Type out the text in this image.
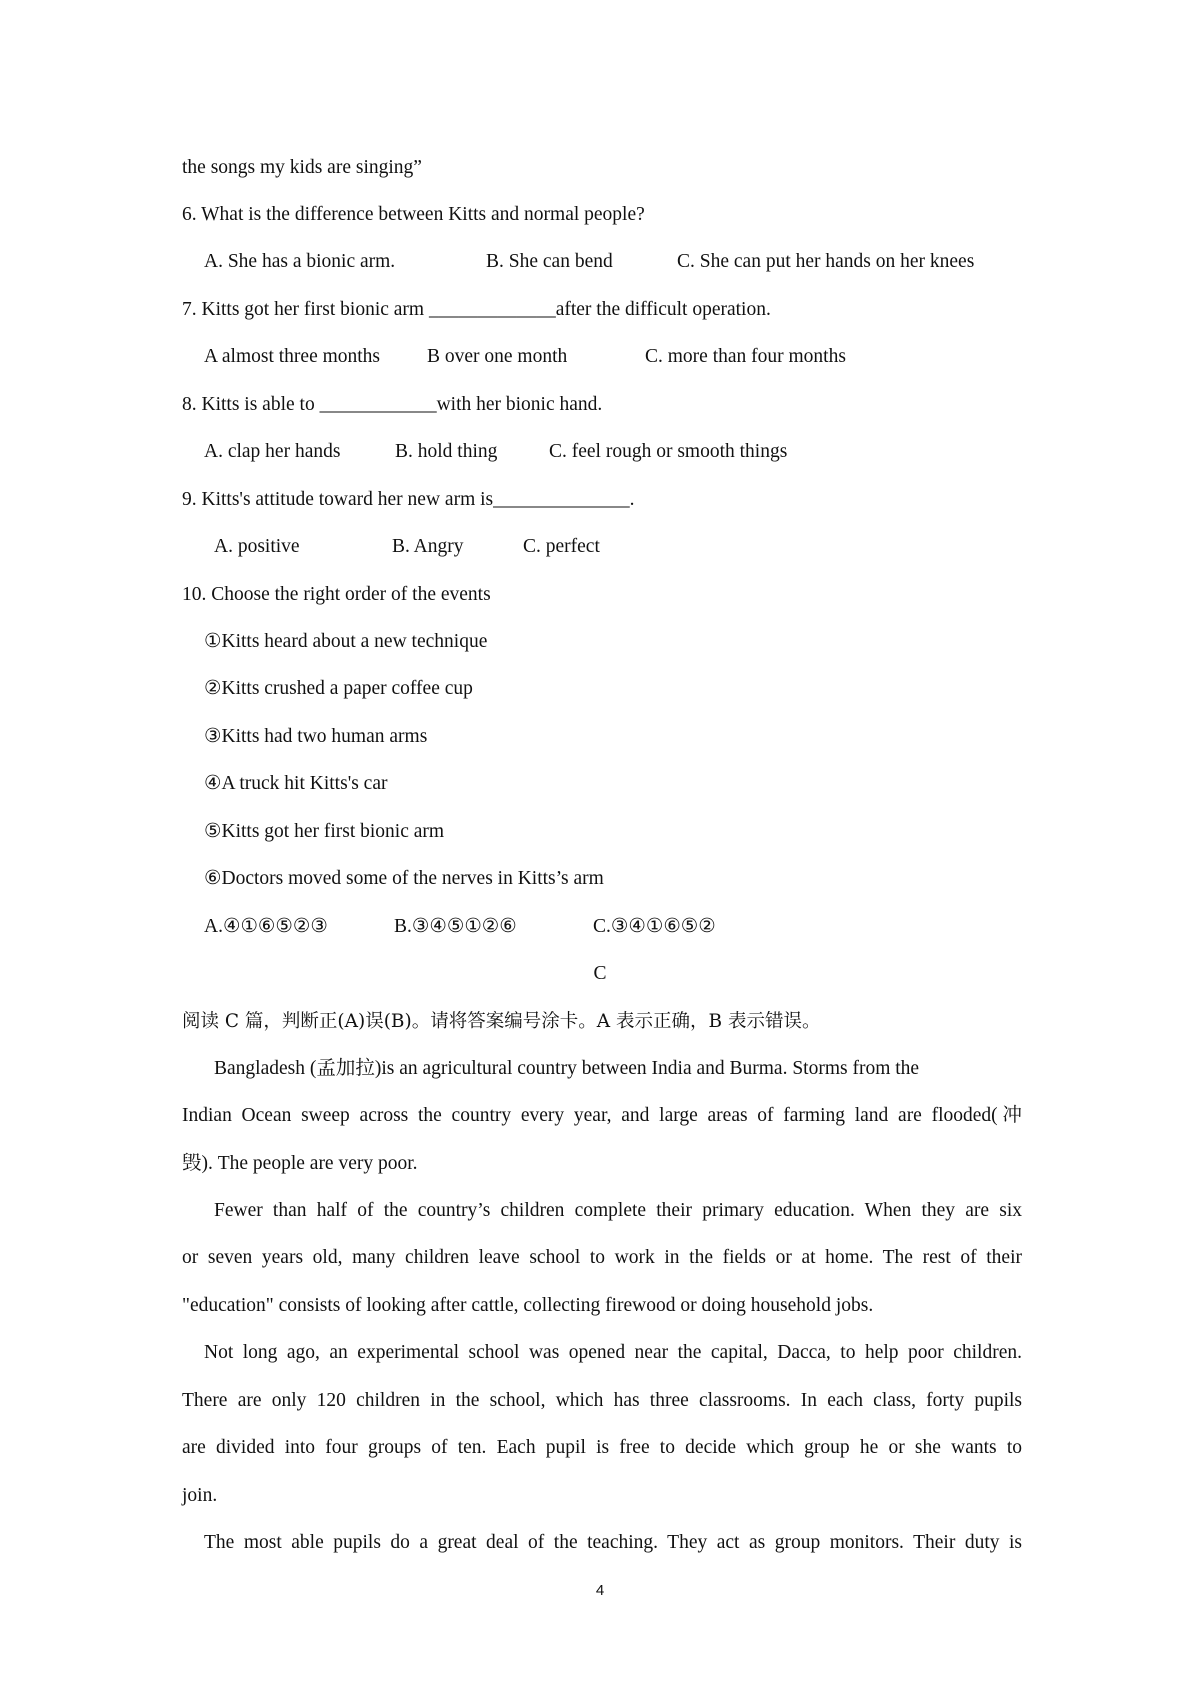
the songs my kids are singing”
6. What is the difference between Kitts and normal people?
A. She has a bionic arm.	B. She can bend	C. She can put her hands on her knees
7. Kitts got her first bionic arm _____________after the difficult operation.
A almost three months B over one month	C. more than four months
8. Kitts is able to ____________with her bionic hand.
A. clap her hands	B. hold thing	C. feel rough or smooth things
9. Kitts's attitude toward her new arm is______________.
A. positive	B. Angry	C. perfect
10. Choose the right order of the events
①Kitts heard about a new technique
②Kitts crushed a paper coffee cup
③Kitts had two human arms
④A truck hit Kitts's car
⑤Kitts got her first bionic arm
⑥Doctors moved some of the nerves in Kitts’s arm
A.④①⑥⑤②③	B.③④⑤①②⑥	C.③④①⑥⑤②
C
阅读 C 篇，判断正(A)误(B)。请将答案编号涂卡。A 表示正确，B 表示错误。
Bangladesh (孟加拉)is an agricultural country between India and Burma. Storms from the
Indian Ocean sweep across the country every year, and large areas of farming land are flooded(冲
毁). The people are very poor.
Fewer than half of the country’s children complete their primary education. When they are six
or seven years old, many children leave school to work in the fields or at home. The rest of their
"education" consists of looking after cattle, collecting firewood or doing household jobs.
Not long ago, an experimental school was opened near the capital, Dacca, to help poor children.
There are only 120 children in the school, which has three classrooms. In each class, forty pupils
are divided into four groups of ten. Each pupil is free to decide which group he or she wants to
join.
The most able pupils do a great deal of the teaching. They act as group monitors. Their duty is
4
